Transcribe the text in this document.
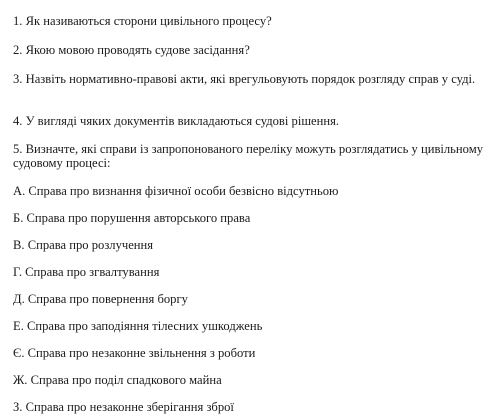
1. Як називаються сторони цивільного процесу?
2. Якою мовою проводять судове засідання?
3. Назвіть нормативно-правові акти, які врегульовують порядок розгляду справ у суді.
4. У вигляді чяких документів викладаються судові рішення.
5. Визначте, які справи із запропонованого переліку можуть розглядатись у цивільному судовому процесі:
А. Справа про визнання фізичної особи безвісно відсутньою
Б. Справа про порушення авторського права
В. Справа про розлучення
Г. Справа про згвалтування
Д. Справа про повернення боргу
Е. Справа про заподіяння тілесних ушкоджень
Є. Справа про незаконне звільнення з роботи
Ж. Справа про поділ спадкового майна
З. Справа про незаконне зберігання зброї
